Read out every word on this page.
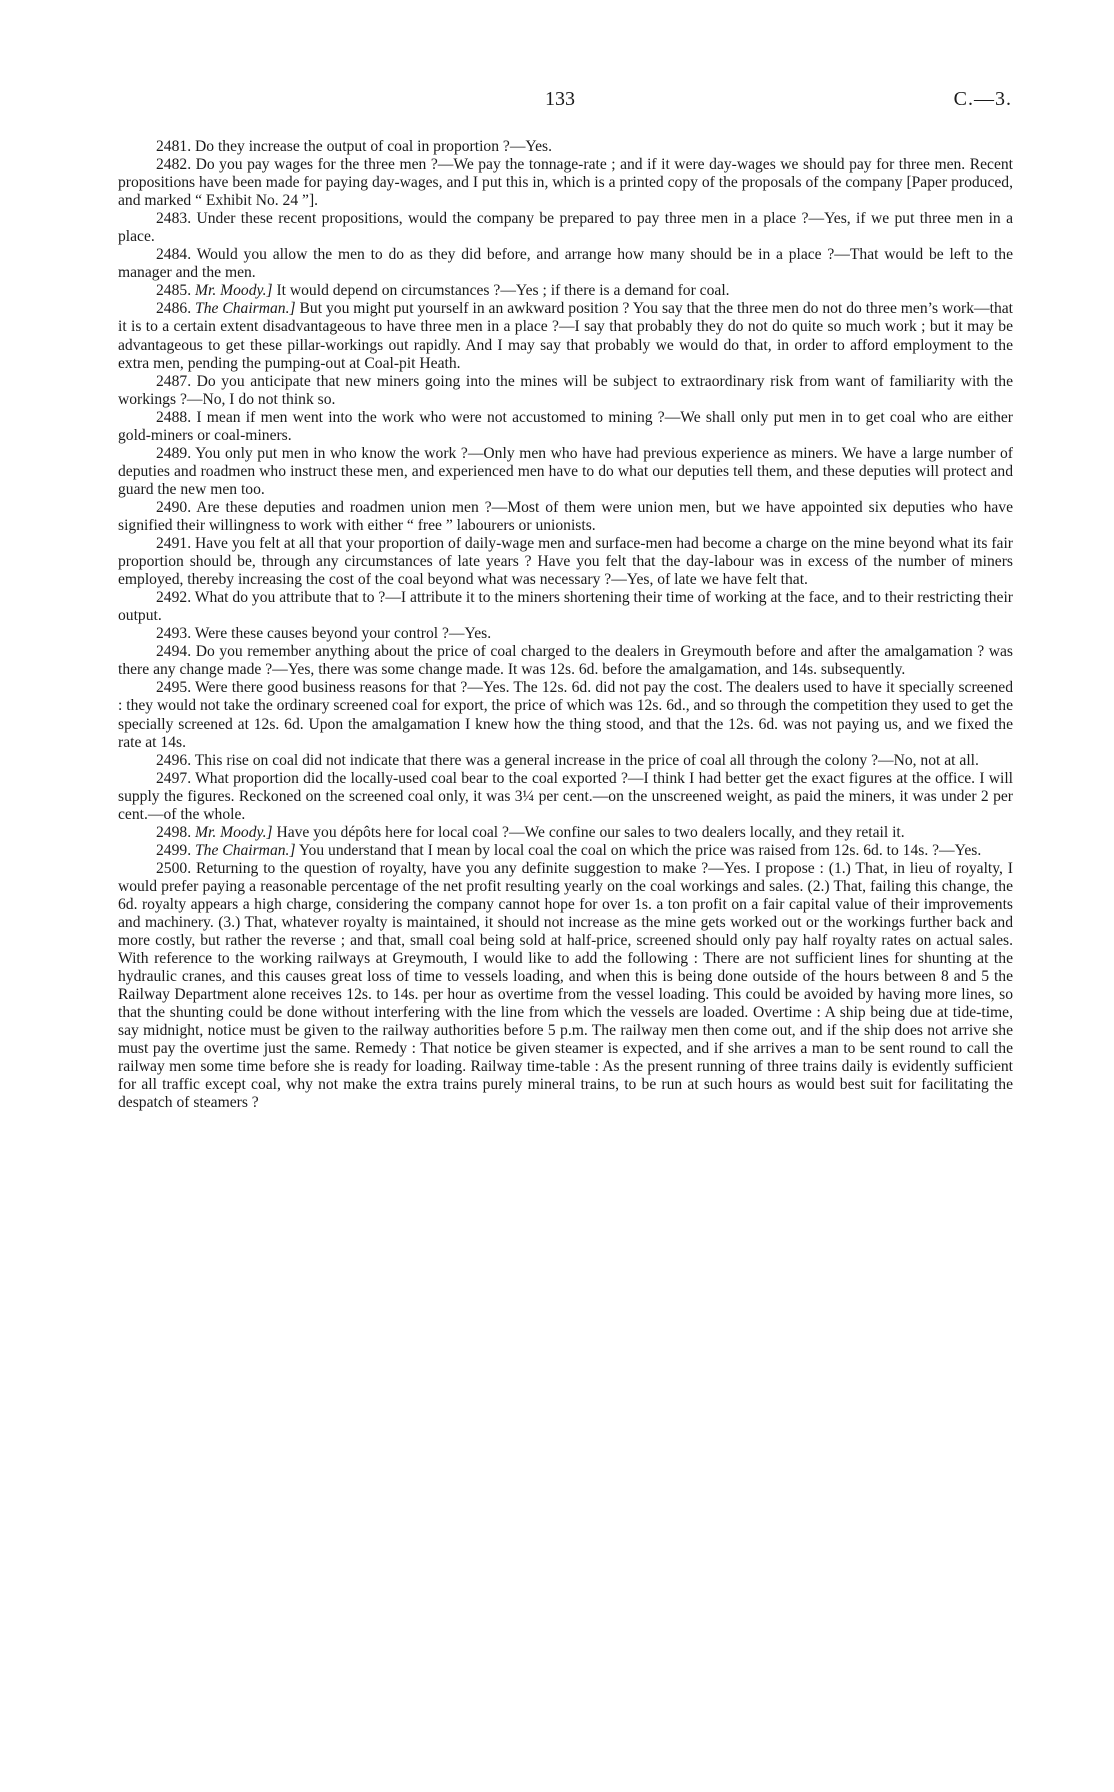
133	C.—3.

2481. Do they increase the output of coal in proportion ?—Yes.

2482. Do you pay wages for the three men ?—We pay the tonnage-rate ; and if it were day-wages we should pay for three men. Recent propositions have been made for paying day-wages, and I put this in, which is a printed copy of the proposals of the company [Paper produced, and marked “ Exhibit No. 24 ”].

2483. Under these recent propositions, would the company be prepared to pay three men in a place ?—Yes, if we put three men in a place.

2484. Would you allow the men to do as they did before, and arrange how many should be in a place ?—That would be left to the manager and the men.

2485. Mr. Moody.] It would depend on circumstances ?—Yes ; if there is a demand for coal.

2486. The Chairman.] But you might put yourself in an awkward position ? You say that the three men do not do three men’s work—that it is to a certain extent disadvantageous to have three men in a place ?—I say that probably they do not do quite so much work ; but it may be advantageous to get these pillar-workings out rapidly. And I may say that probably we would do that, in order to afford employment to the extra men, pending the pumping-out at Coal-pit Heath.

2487. Do you anticipate that new miners going into the mines will be subject to extraordinary risk from want of familiarity with the workings ?—No, I do not think so.

2488. I mean if men went into the work who were not accustomed to mining ?—We shall only put men in to get coal who are either gold-miners or coal-miners.

2489. You only put men in who know the work ?—Only men who have had previous experience as miners. We have a large number of deputies and roadmen who instruct these men, and experienced men have to do what our deputies tell them, and these deputies will protect and guard the new men too.

2490. Are these deputies and roadmen union men ?—Most of them were union men, but we have appointed six deputies who have signified their willingness to work with either “ free ” labourers or unionists.

2491. Have you felt at all that your proportion of daily-wage men and surface-men had become a charge on the mine beyond what its fair proportion should be, through any circumstances of late years ? Have you felt that the day-labour was in excess of the number of miners employed, thereby increasing the cost of the coal beyond what was necessary ?—Yes, of late we have felt that.

2492. What do you attribute that to ?—I attribute it to the miners shortening their time of working at the face, and to their restricting their output.

2493. Were these causes beyond your control ?—Yes.

2494. Do you remember anything about the price of coal charged to the dealers in Greymouth before and after the amalgamation ? was there any change made ?—Yes, there was some change made. It was 12s. 6d. before the amalgamation, and 14s. subsequently.

2495. Were there good business reasons for that ?—Yes. The 12s. 6d. did not pay the cost. The dealers used to have it specially screened : they would not take the ordinary screened coal for export, the price of which was 12s. 6d., and so through the competition they used to get the specially screened at 12s. 6d. Upon the amalgamation I knew how the thing stood, and that the 12s. 6d. was not paying us, and we fixed the rate at 14s.

2496. This rise on coal did not indicate that there was a general increase in the price of coal all through the colony ?—No, not at all.

2497. What proportion did the locally-used coal bear to the coal exported ?—I think I had better get the exact figures at the office. I will supply the figures. Reckoned on the screened coal only, it was 3¼ per cent.—on the unscreened weight, as paid the miners, it was under 2 per cent.—of the whole.

2498. Mr. Moody.] Have you dépôts here for local coal ?—We confine our sales to two dealers locally, and they retail it.

2499. The Chairman.] You understand that I mean by local coal the coal on which the price was raised from 12s. 6d. to 14s. ?—Yes.

2500. Returning to the question of royalty, have you any definite suggestion to make ?—Yes. I propose : (1.) That, in lieu of royalty, I would prefer paying a reasonable percentage of the net profit resulting yearly on the coal workings and sales. (2.) That, failing this change, the 6d. royalty appears a high charge, considering the company cannot hope for over 1s. a ton profit on a fair capital value of their improvements and machinery. (3.) That, whatever royalty is maintained, it should not increase as the mine gets worked out or the workings further back and more costly, but rather the reverse ; and that, small coal being sold at half-price, screened should only pay half royalty rates on actual sales. With reference to the working railways at Greymouth, I would like to add the following : There are not sufficient lines for shunting at the hydraulic cranes, and this causes great loss of time to vessels loading, and when this is being done outside of the hours between 8 and 5 the Railway Department alone receives 12s. to 14s. per hour as overtime from the vessel loading. This could be avoided by having more lines, so that the shunting could be done without interfering with the line from which the vessels are loaded. Overtime : A ship being due at tide-time, say midnight, notice must be given to the railway authorities before 5 p.m. The railway men then come out, and if the ship does not arrive she must pay the overtime just the same. Remedy : That notice be given steamer is expected, and if she arrives a man to be sent round to call the railway men some time before she is ready for loading. Railway time-table : As the present running of three trains daily is evidently sufficient for all traffic except coal, why not make the extra trains purely mineral trains, to be run at such hours as would best suit for facilitating the despatch of steamers ?
